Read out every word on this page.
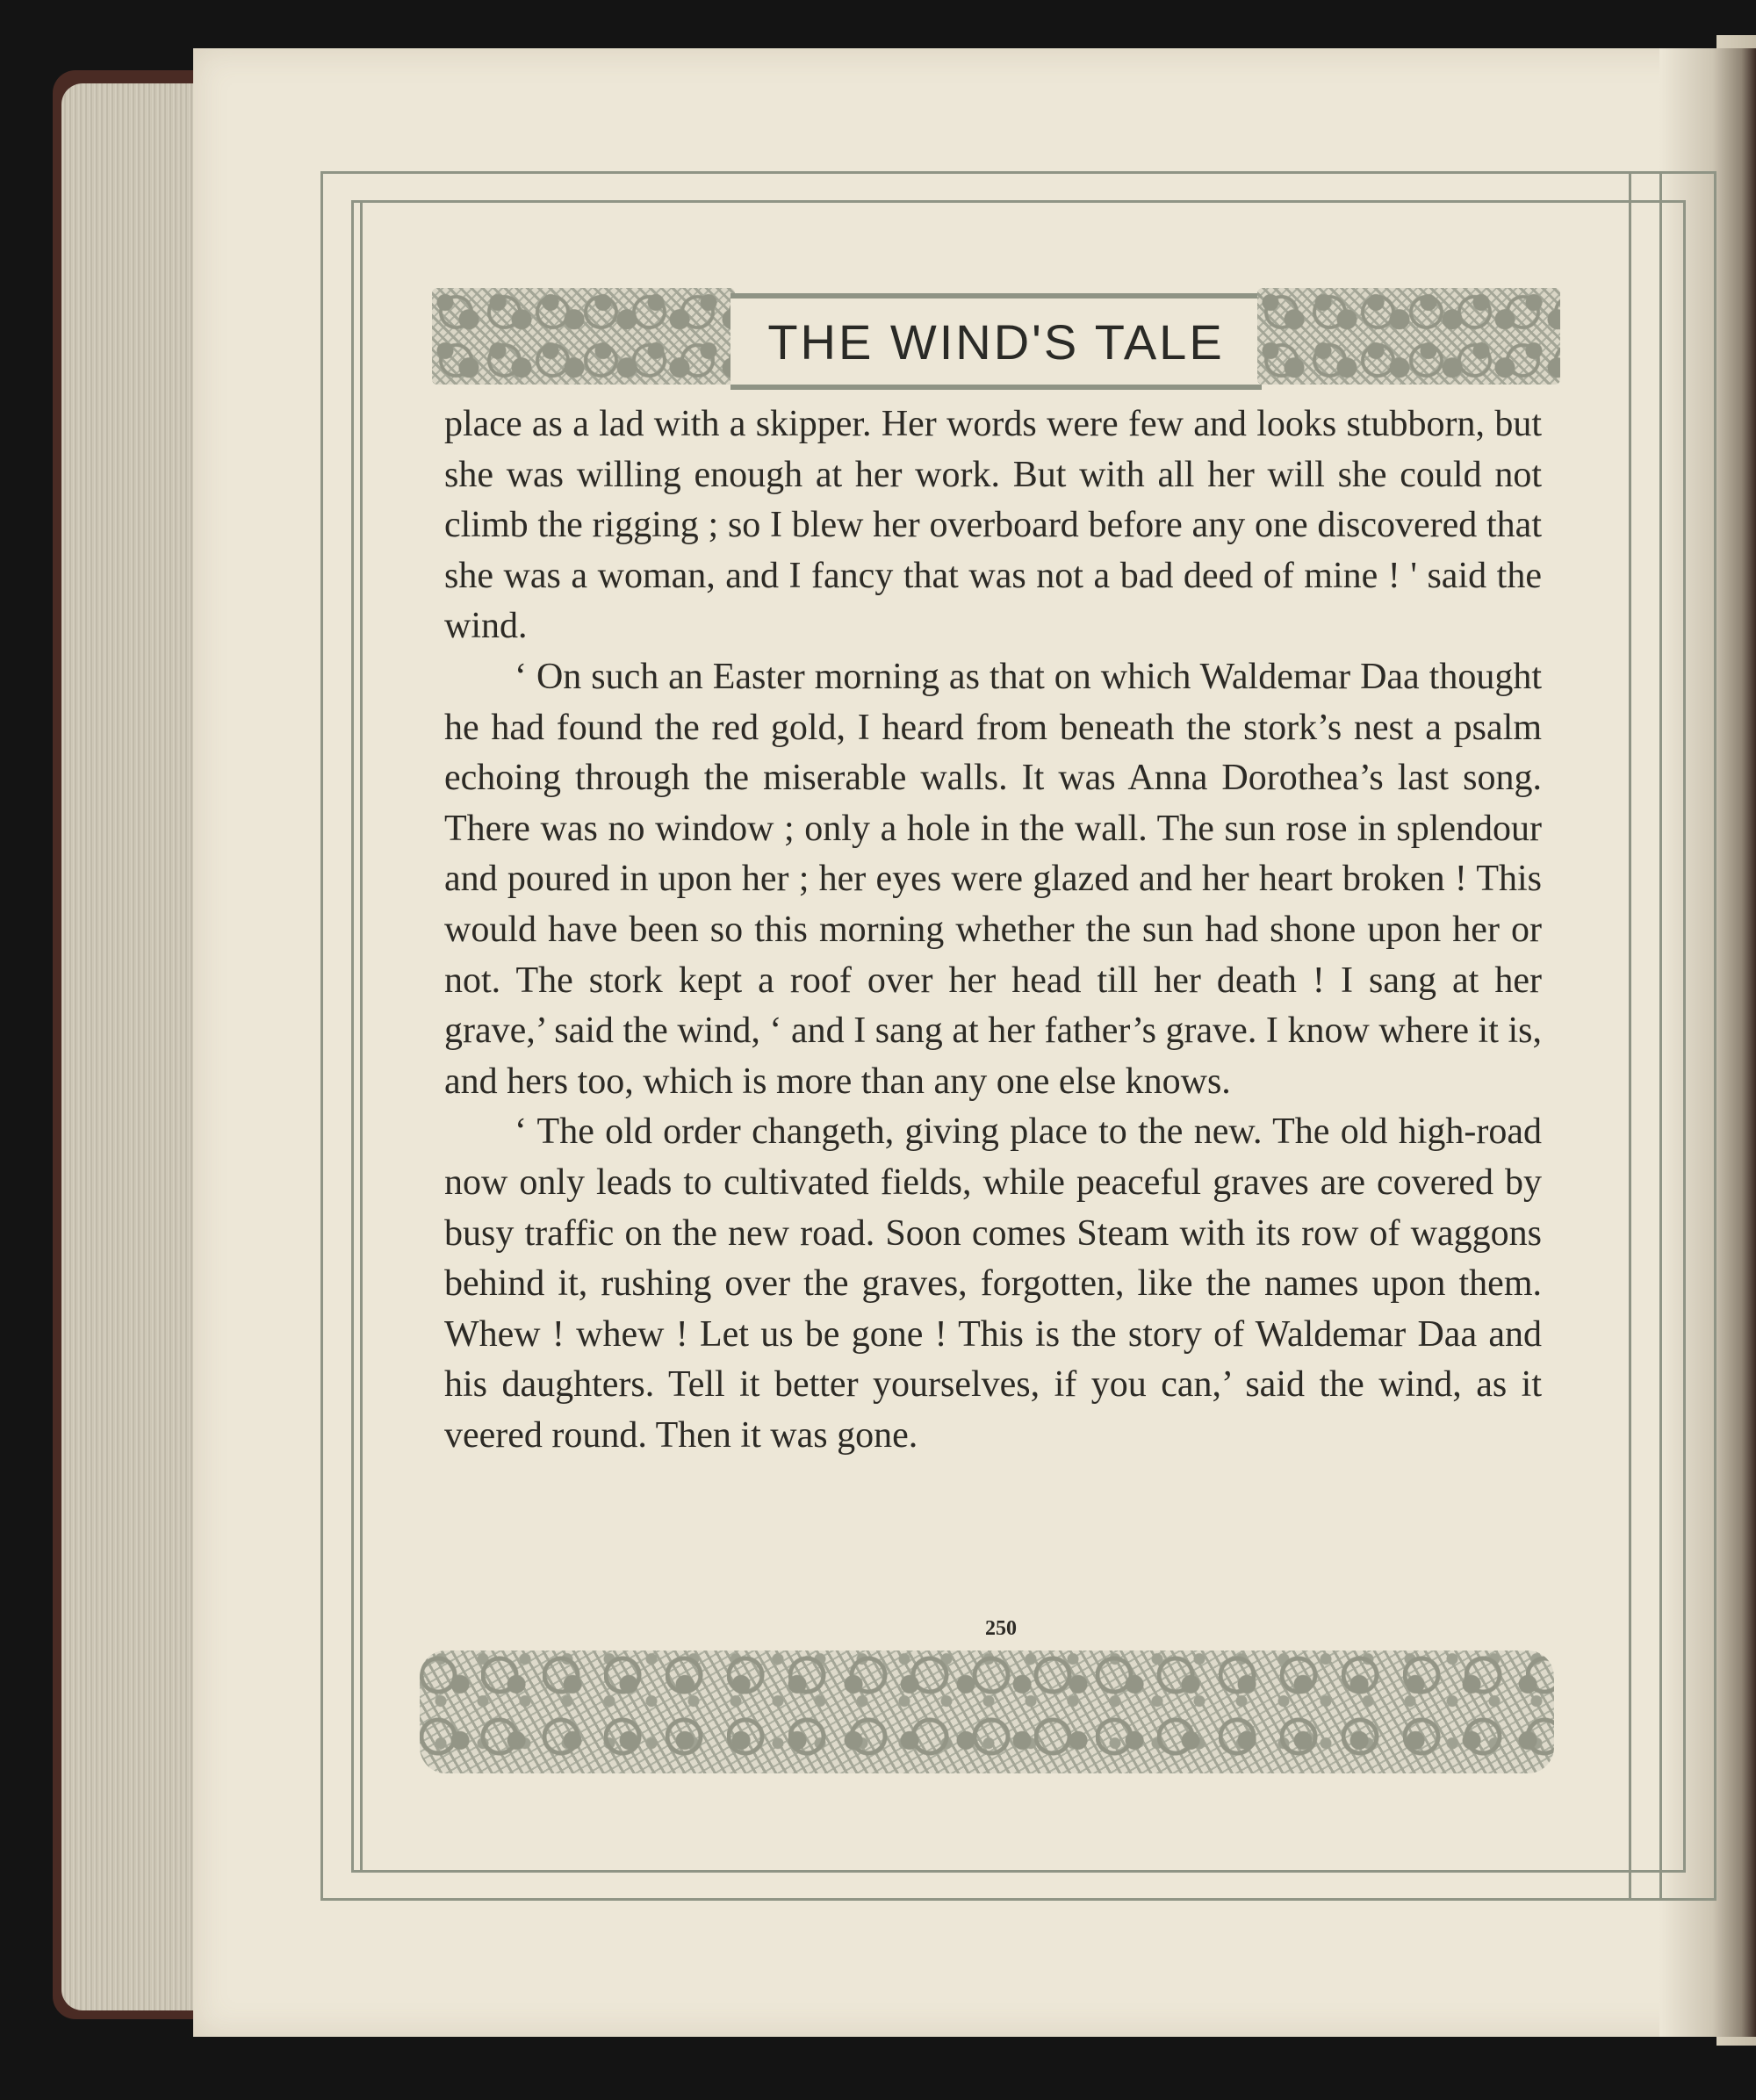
THE WIND'S TALE

place as a lad with a skipper. Her words were few and looks stubborn, but she was willing enough at her work. But with all her will she could not climb the rigging ; so I blew her overboard before any one discovered that she was a woman, and I fancy that was not a bad deed of mine ! ' said the wind.

‘ On such an Easter morning as that on which Waldemar Daa thought he had found the red gold, I heard from beneath the stork’s nest a psalm echoing through the miserable walls. It was Anna Dorothea’s last song. There was no window ; only a hole in the wall. The sun rose in splendour and poured in upon her ; her eyes were glazed and her heart broken ! This would have been so this morning whether the sun had shone upon her or not. The stork kept a roof over her head till her death ! I sang at her grave,’ said the wind, ‘ and I sang at her father’s grave. I know where it is, and hers too, which is more than any one else knows.

‘ The old order changeth, giving place to the new. The old high-road now only leads to cultivated fields, while peaceful graves are covered by busy traffic on the new road. Soon comes Steam with its row of waggons behind it, rushing over the graves, forgotten, like the names upon them. Whew ! whew ! Let us be gone ! This is the story of Waldemar Daa and his daughters. Tell it better yourselves, if you can,’ said the wind, as it veered round. Then it was gone.

250
